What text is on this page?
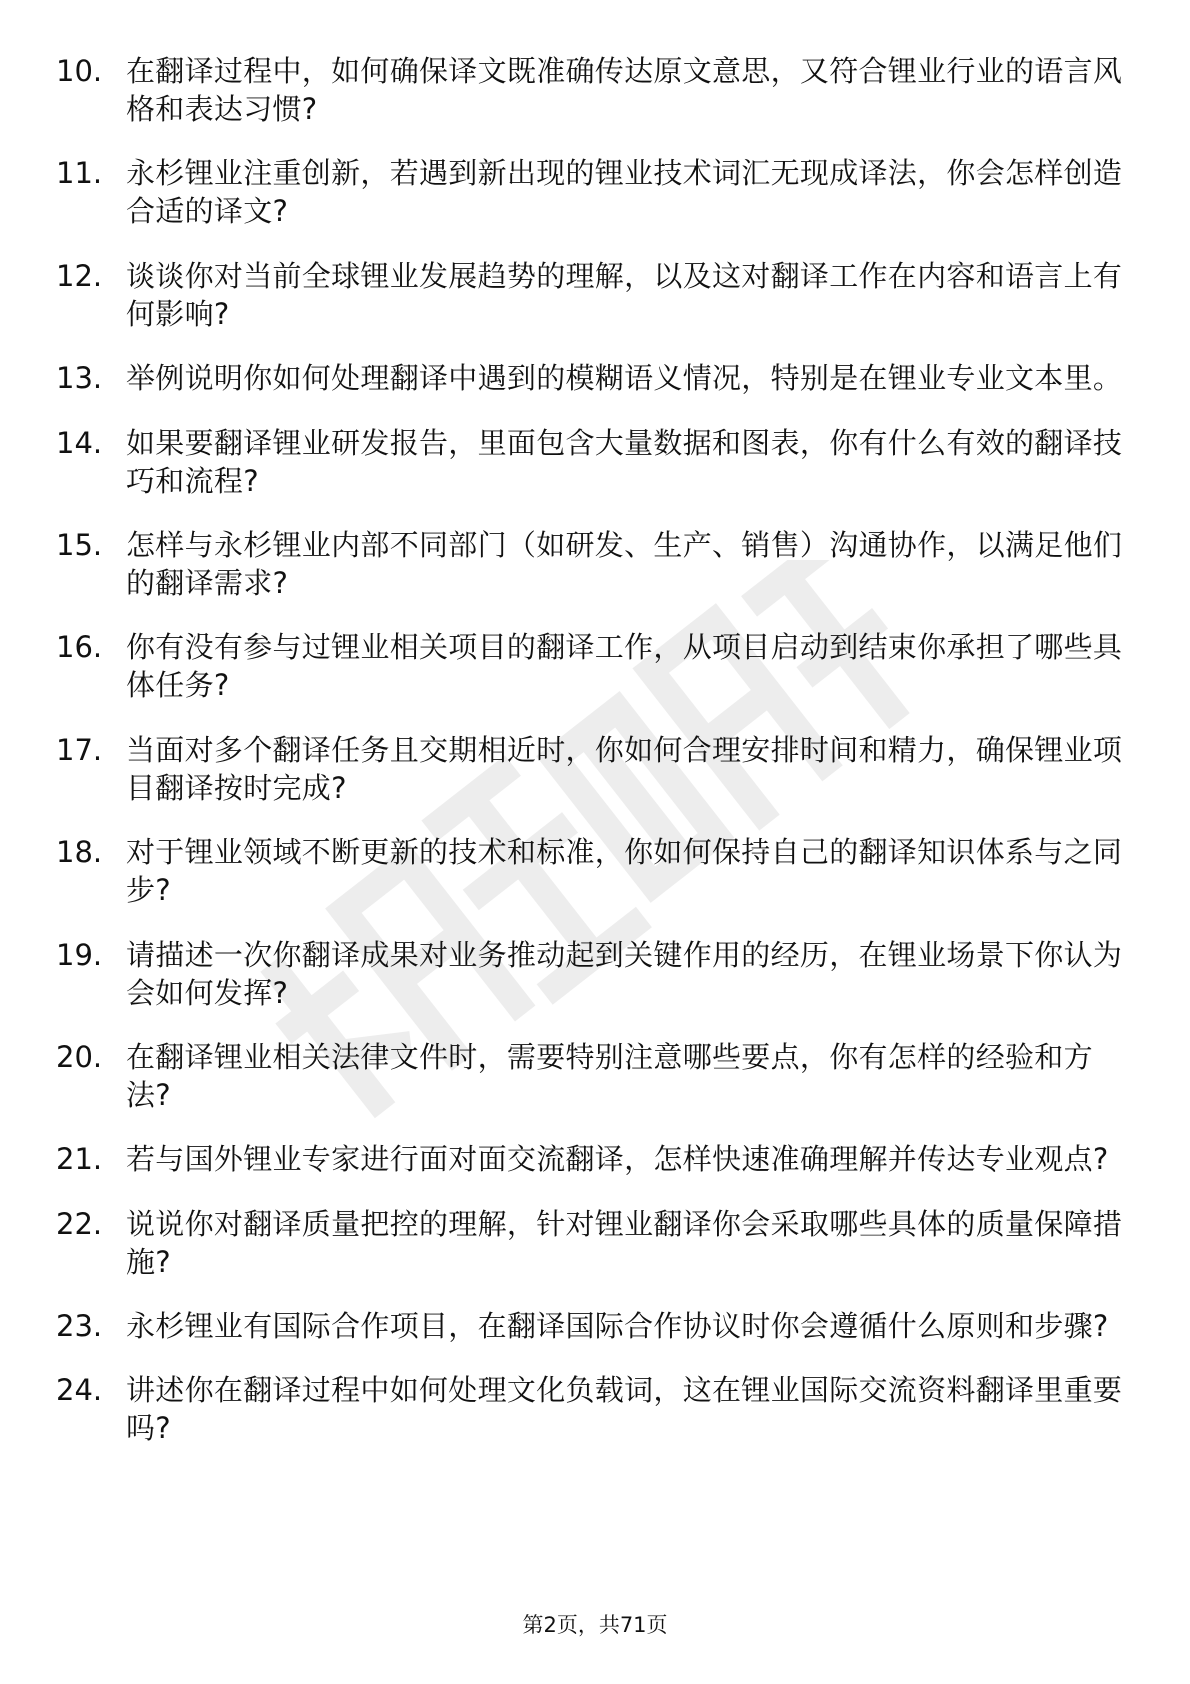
10. 在翻译过程中，如何确保译文既准确传达原文意思，又符合锂业行业的语言风格和表达习惯?
11. 永杉锂业注重创新，若遇到新出现的锂业技术词汇无现成译法，你会怎样创造合适的译文?
12. 谈谈你对当前全球锂业发展趋势的理解，以及这对翻译工作在内容和语言上有何影响?
13. 举例说明你如何处理翻译中遇到的模糊语义情况，特别是在锂业专业文本里。
14. 如果要翻译锂业研发报告，里面包含大量数据和图表，你有什么有效的翻译技巧和流程?
15. 怎样与永杉锂业内部不同部门（如研发、生产、销售）沟通协作，以满足他们的翻译需求?
16. 你有没有参与过锂业相关项目的翻译工作，从项目启动到结束你承担了哪些具体任务?
17. 当面对多个翻译任务且交期相近时，你如何合理安排时间和精力，确保锂业项目翻译按时完成?
18. 对于锂业领域不断更新的技术和标准，你如何保持自己的翻译知识体系与之同步?
19. 请描述一次你翻译成果对业务推动起到关键作用的经历，在锂业场景下你认为会如何发挥?
20. 在翻译锂业相关法律文件时，需要特别注意哪些要点，你有怎样的经验和方法?
21. 若与国外锂业专家进行面对面交流翻译，怎样快速准确理解并传达专业观点?
22. 说说你对翻译质量把控的理解，针对锂业翻译你会采取哪些具体的质量保障措施?
23. 永杉锂业有国际合作项目，在翻译国际合作协议时你会遵循什么原则和步骤?
24. 讲述你在翻译过程中如何处理文化负载词，这在锂业国际交流资料翻译里重要吗?
第2页，共71页
